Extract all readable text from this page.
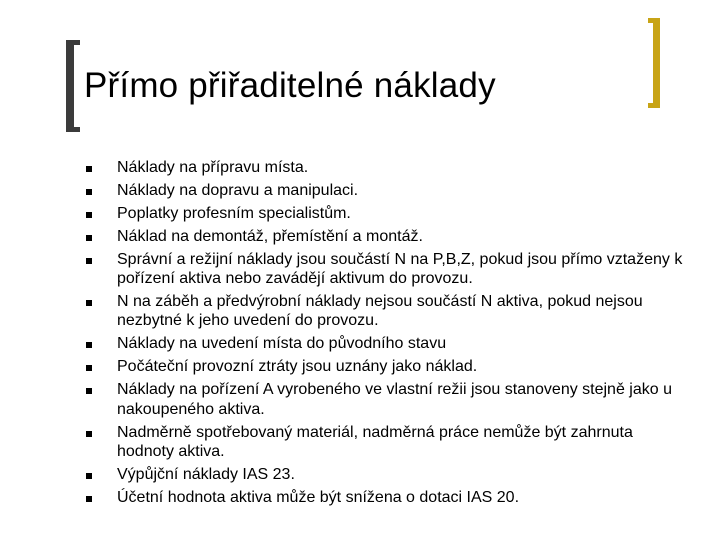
Přímo přiřaditelné náklady
Náklady na přípravu místa.
Náklady na dopravu a manipulaci.
Poplatky profesním specialistům.
Náklad na demontáž, přemístění a montáž.
Správní a režijní náklady jsou součástí N na P,B,Z, pokud jsou přímo vztaženy k pořízení aktiva nebo zavádějí aktivum do provozu.
N na záběh a předvýrobní náklady nejsou součástí N aktiva, pokud nejsou nezbytné k jeho uvedení do provozu.
Náklady na uvedení místa do původního stavu
Počáteční provozní ztráty jsou uznány jako náklad.
Náklady na pořízení A vyrobeného ve vlastní režii jsou stanoveny stejně jako u nakoupeného aktiva.
Nadměrně spotřebovaný materiál, nadměrná práce nemůže být zahrnuta hodnoty aktiva.
Výpůjční náklady IAS 23.
Účetní hodnota aktiva může být snížena o dotaci IAS 20.
